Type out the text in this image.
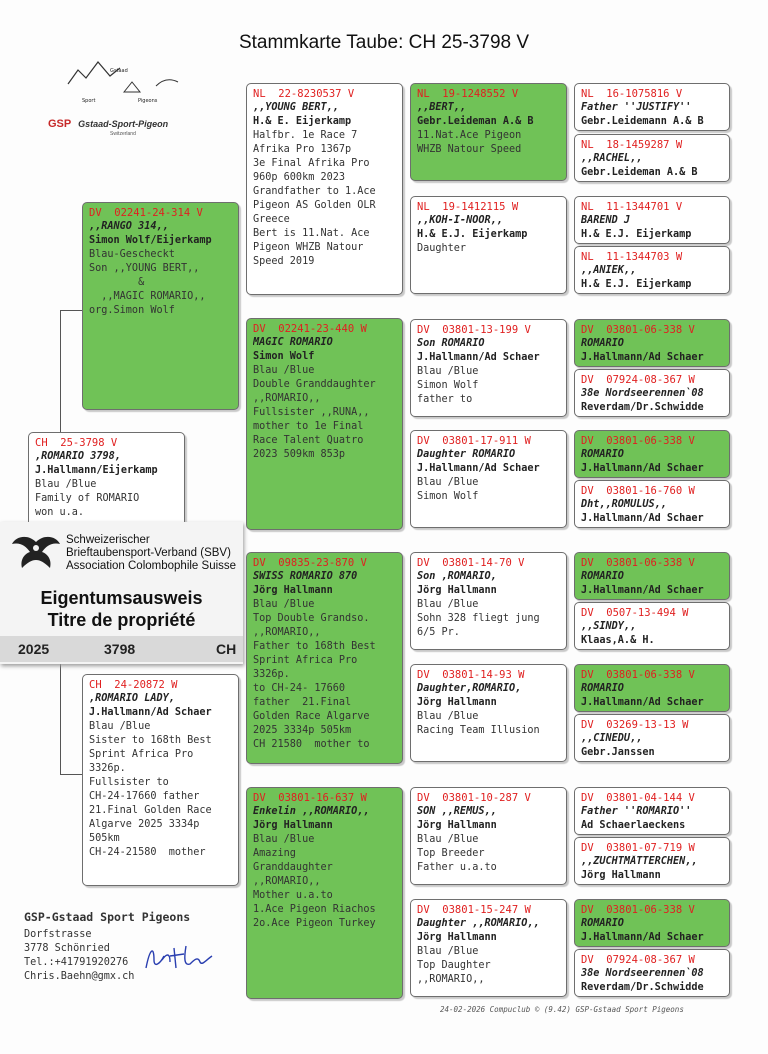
Stammkarte Taube: CH 25-3798 V
Gstaad
Sport	Pigeons
GSP Gstaad-Sport-Pigeon
Switzerland
CH  25-3798 V
,ROMARIO 3798,
J.Hallmann/Eijerkamp
Blau /Blue
Family of ROMARIO
won u.a.
DV  02241-24-314 V
,,RANGO 314,,
Simon Wolf/Eijerkamp
Blau-Gescheckt
Son ,,YOUNG BERT,,
&
,,MAGIC ROMARIO,,
org.Simon Wolf
CH  24-20872 W
,ROMARIO LADY,
J.Hallmann/Ad Schaer
Blau /Blue
Sister to 168th Best
Sprint Africa Pro
3326p.
Fullsister to
CH-24-17660 father
21.Final Golden Race
Algarve 2025 3334p
505km
CH-24-21580  mother
NL  22-8230537 V
,,YOUNG BERT,,
H.& E. Eijerkamp
Halfbr. 1e Race 7
Afrika Pro 1367p
3e Final Afrika Pro
960p 600km 2023
Grandfather to 1.Ace
Pigeon AS Golden OLR
Greece
Bert is 11.Nat. Ace
Pigeon WHZB Natour
Speed 2019
DV  02241-23-440 W
MAGIC ROMARIO
Simon Wolf
Blau /Blue
Double Granddaughter
,,ROMARIO,,
Fullsister ,,RUNA,,
mother to 1e Final
Race Talent Quatro
2023 509km 853p
DV  09835-23-870 V
SWISS ROMARIO 870
Jörg Hallmann
Blau /Blue
Top Double Grandso.
,,ROMARIO,,
Father to 168th Best
Sprint Africa Pro
3326p.
to CH-24- 17660
father  21.Final
Golden Race Algarve
2025 3334p 505km
CH 21580  mother to
DV  03801-16-637 W
Enkelin ,,ROMARIO,,
Jörg Hallmann
Blau /Blue
Amazing
Granddaughter
,,ROMARIO,,
Mother u.a.to
1.Ace Pigeon Riachos
2o.Ace Pigeon Turkey
NL  19-1248552 V
,,BERT,,
Gebr.Leideman A.& B
11.Nat.Ace Pigeon
WHZB Natour Speed
NL  19-1412115 W
,,KOH-I-NOOR,,
H.& E.J. Eijerkamp
Daughter
DV  03801-13-199 V
Son ROMARIO
J.Hallmann/Ad Schaer
Blau /Blue
Simon Wolf
father to
DV  03801-17-911 W
Daughter ROMARIO
J.Hallmann/Ad Schaer
Blau /Blue
Simon Wolf
DV  03801-14-70 V
Son ,ROMARIO,
Jörg Hallmann
Blau /Blue
Sohn 328 fliegt jung
6/5 Pr.
DV  03801-14-93 W
Daughter,ROMARIO,
Jörg Hallmann
Blau /Blue
Racing Team Illusion
DV  03801-10-287 V
SON ,,REMUS,,
Jörg Hallmann
Blau /Blue
Top Breeder
Father u.a.to
DV  03801-15-247 W
Daughter ,,ROMARIO,,
Jörg Hallmann
Blau /Blue
Top Daughter
,,ROMARIO,,
NL  16-1075816 V
Father ''JUSTIFY''
Gebr.Leidemann A.& B
NL  18-1459287 W
,,RACHEL,,
Gebr.Leideman A.& B
NL  11-1344701 V
BAREND J
H.& E.J. Eijerkamp
NL  11-1344703 W
,,ANIEK,,
H.& E.J. Eijerkamp
DV  03801-06-338 V
ROMARIO
J.Hallmann/Ad Schaer
DV  07924-08-367 W
38e Nordseerennen`08
Reverdam/Dr.Schwidde
DV  03801-06-338 V
ROMARIO
J.Hallmann/Ad Schaer
DV  03801-16-760 W
Dht,,ROMULUS,,
J.Hallmann/Ad Schaer
DV  03801-06-338 V
ROMARIO
J.Hallmann/Ad Schaer
DV  0507-13-494 W
,,SINDY,,
Klaas,A.& H.
DV  03801-06-338 V
ROMARIO
J.Hallmann/Ad Schaer
DV  03269-13-13 W
,,CINEDU,,
Gebr.Janssen
DV  03801-04-144 V
Father ''ROMARIO''
Ad Schaerlaeckens
DV  03801-07-719 W
,,ZUCHTMÄTTERCHEN,,
Jörg Hallmann
DV  03801-06-338 V
ROMARIO
J.Hallmann/Ad Schaer
DV  07924-08-367 W
38e Nordseerennen`08
Reverdam/Dr.Schwidde
Schweizerischer
Brieftaubensport-Verband (SBV)
Association Colombophile Suisse
Eigentumsausweis
Titre de propriété
2025	3798	CH
GSP-Gstaad Sport Pigeons
Dorfstrasse
3778 Schönried
Tel.:+41791920276
Chris.Baehn@gmx.ch
24-02-2026 Compuclub © (9.42) GSP-Gstaad Sport Pigeons
